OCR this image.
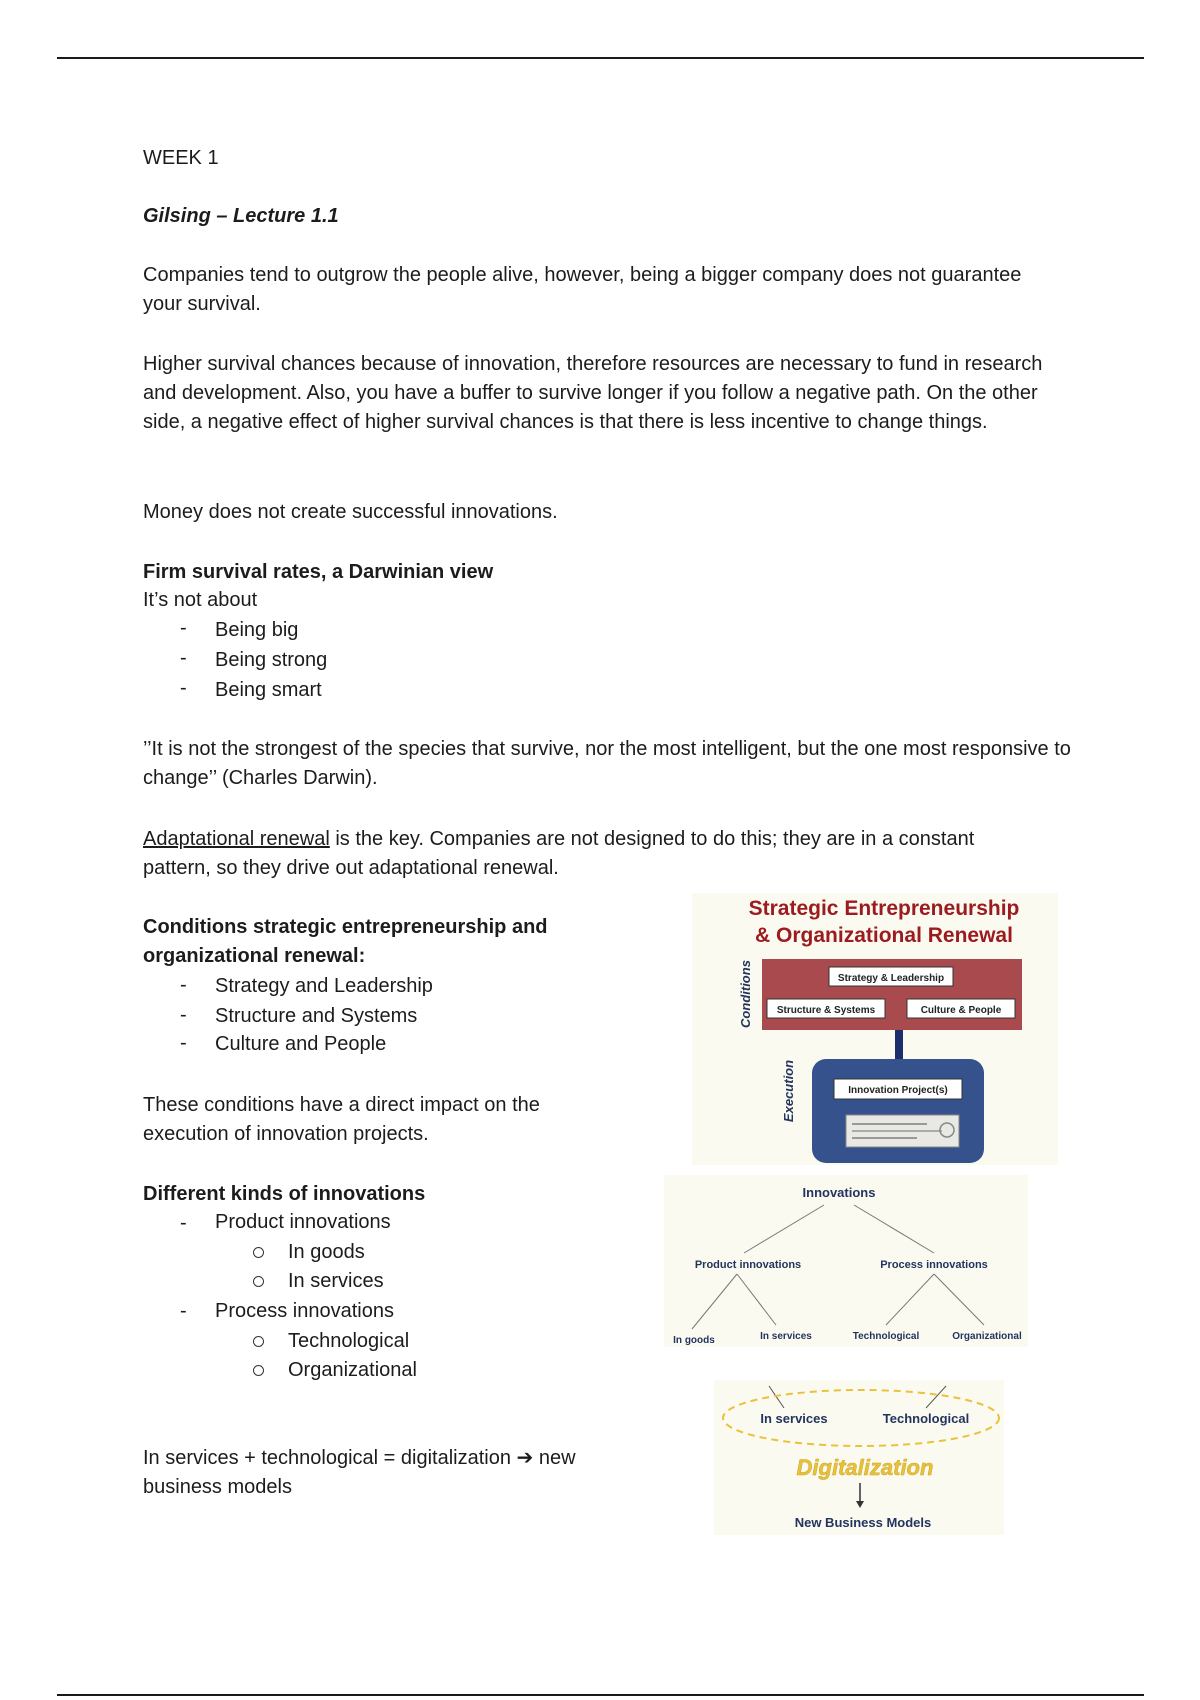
WEEK 1
Gilsing – Lecture 1.1
Companies tend to outgrow the people alive, however, being a bigger company does not guarantee your survival.
Higher survival chances because of innovation, therefore resources are necessary to fund in research and development. Also, you have a buffer to survive longer if you follow a negative path. On the other side, a negative effect of higher survival chances is that there is less incentive to change things.
Money does not create successful innovations.
Firm survival rates, a Darwinian view
It’s not about
- Being big
- Being strong
- Being smart
’’It is not the strongest of the species that survive, nor the most intelligent, but the one most responsive to change’’ (Charles Darwin).
Adaptational renewal is the key. Companies are not designed to do this; they are in a constant pattern, so they drive out adaptational renewal.
Conditions strategic entrepreneurship and organizational renewal:
- Strategy and Leadership
- Structure and Systems
- Culture and People
These conditions have a direct impact on the execution of innovation projects.
Different kinds of innovations
- Product innovations
In goods
In services
- Process innovations
Technological
Organizational
In services + technological = digitalization ➔ new business models
Strategic Entrepreneurship
& Organizational Renewal
Conditions	Strategy & Leadership
Structure & Systems	Culture & People
Execution	Innovation Project(s)
Innovations
Product innovations	Process innovations
In goods	In services	Technological	Organizational
In services	Technological
Digitalization
New Business Models
